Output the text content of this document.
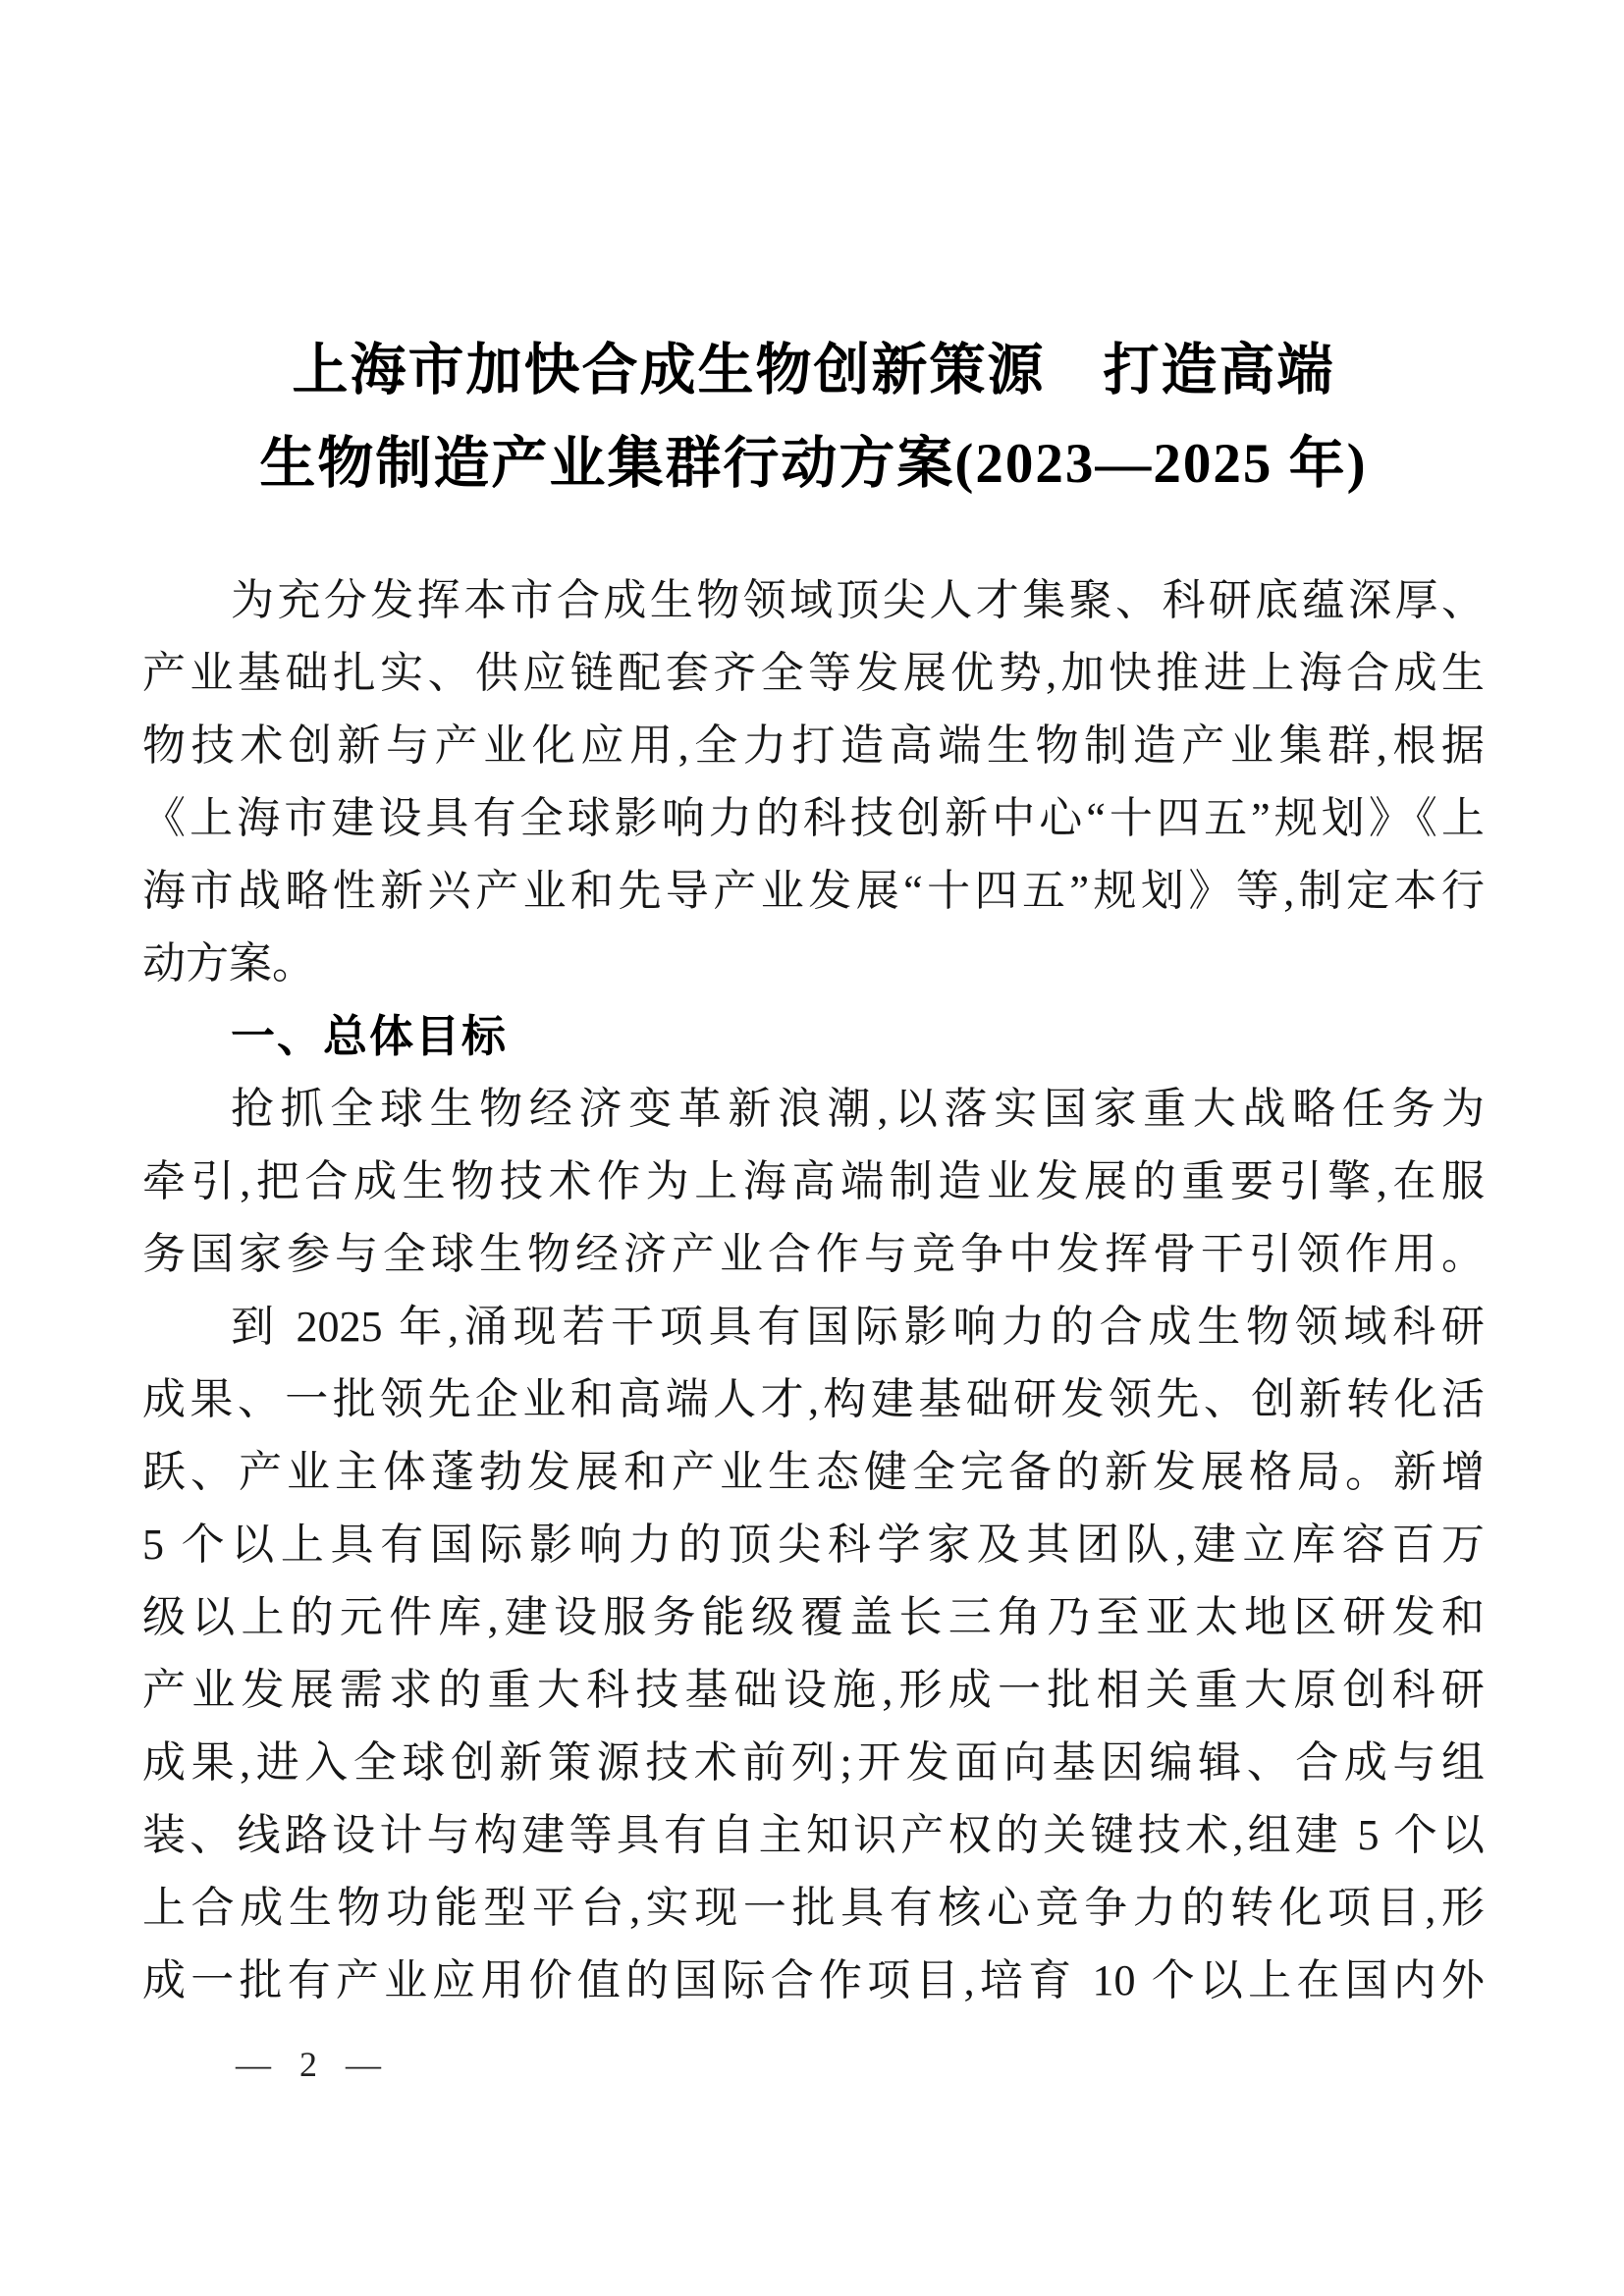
上海市加快合成生物创新策源　打造高端
生物制造产业集群行动方案(2023—2025 年)
为充分发挥本市合成生物领域顶尖人才集聚、科研底蕴深厚、
产业基础扎实、供应链配套齐全等发展优势,加快推进上海合成生
物技术创新与产业化应用,全力打造高端生物制造产业集群,根据
《上海市建设具有全球影响力的科技创新中心“十四五”规划》《上
海市战略性新兴产业和先导产业发展“十四五”规划》等,制定本行
动方案。
一、总体目标
抢抓全球生物经济变革新浪潮,以落实国家重大战略任务为
牵引,把合成生物技术作为上海高端制造业发展的重要引擎,在服
务国家参与全球生物经济产业合作与竞争中发挥骨干引领作用。
到 2025 年,涌现若干项具有国际影响力的合成生物领域科研
成果、一批领先企业和高端人才,构建基础研发领先、创新转化活
跃、产业主体蓬勃发展和产业生态健全完备的新发展格局。新增
5 个以上具有国际影响力的顶尖科学家及其团队,建立库容百万
级以上的元件库,建设服务能级覆盖长三角乃至亚太地区研发和
产业发展需求的重大科技基础设施,形成一批相关重大原创科研
成果,进入全球创新策源技术前列;开发面向基因编辑、合成与组
装、线路设计与构建等具有自主知识产权的关键技术,组建 5 个以
上合成生物功能型平台,实现一批具有核心竞争力的转化项目,形
成一批有产业应用价值的国际合作项目,培育 10 个以上在国内外
— 2 —
